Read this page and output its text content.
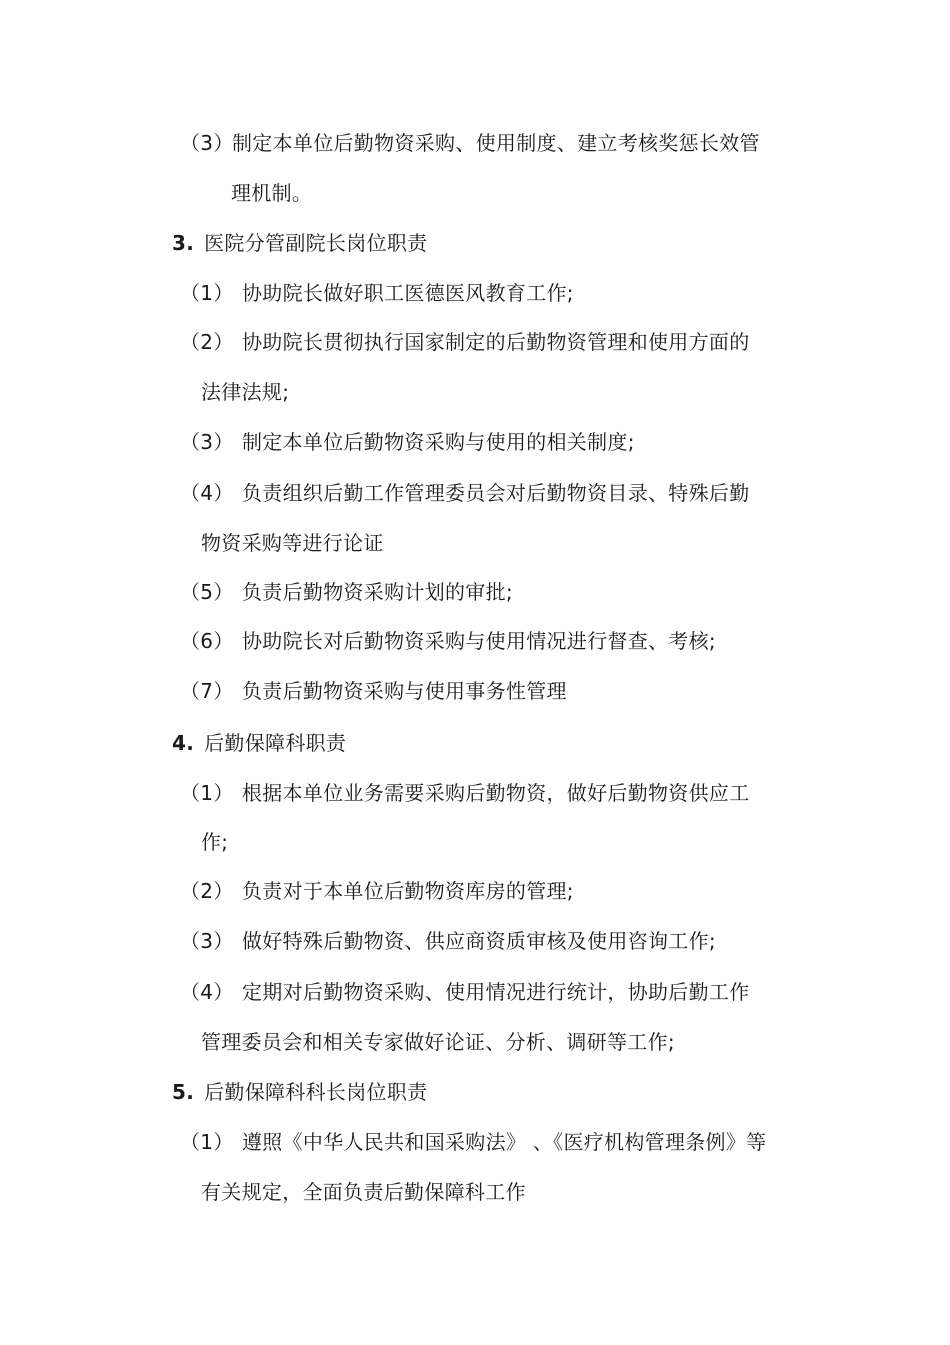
（3）制定本单位后勤物资采购、使用制度、建立考核奖惩长效管
理机制。
3. 医院分管副院长岗位职责
（1） 协助院长做好职工医德医风教育工作;
（2） 协助院长贯彻执行国家制定的后勤物资管理和使用方面的
法律法规;
（3） 制定本单位后勤物资采购与使用的相关制度;
（4） 负责组织后勤工作管理委员会对后勤物资目录、特殊后勤
物资采购等进行论证
（5） 负责后勤物资采购计划的审批;
（6） 协助院长对后勤物资采购与使用情况进行督查、考核;
（7） 负责后勤物资采购与使用事务性管理
4. 后勤保障科职责
（1） 根据本单位业务需要采购后勤物资，做好后勤物资供应工
作;
（2） 负责对于本单位后勤物资库房的管理;
（3） 做好特殊后勤物资、供应商资质审核及使用咨询工作;
（4） 定期对后勤物资采购、使用情况进行统计，协助后勤工作
管理委员会和相关专家做好论证、分析、调研等工作;
5. 后勤保障科科长岗位职责
（1） 遵照《中华人民共和国采购法》 、《医疗机构管理条例》等
有关规定，全面负责后勤保障科工作
